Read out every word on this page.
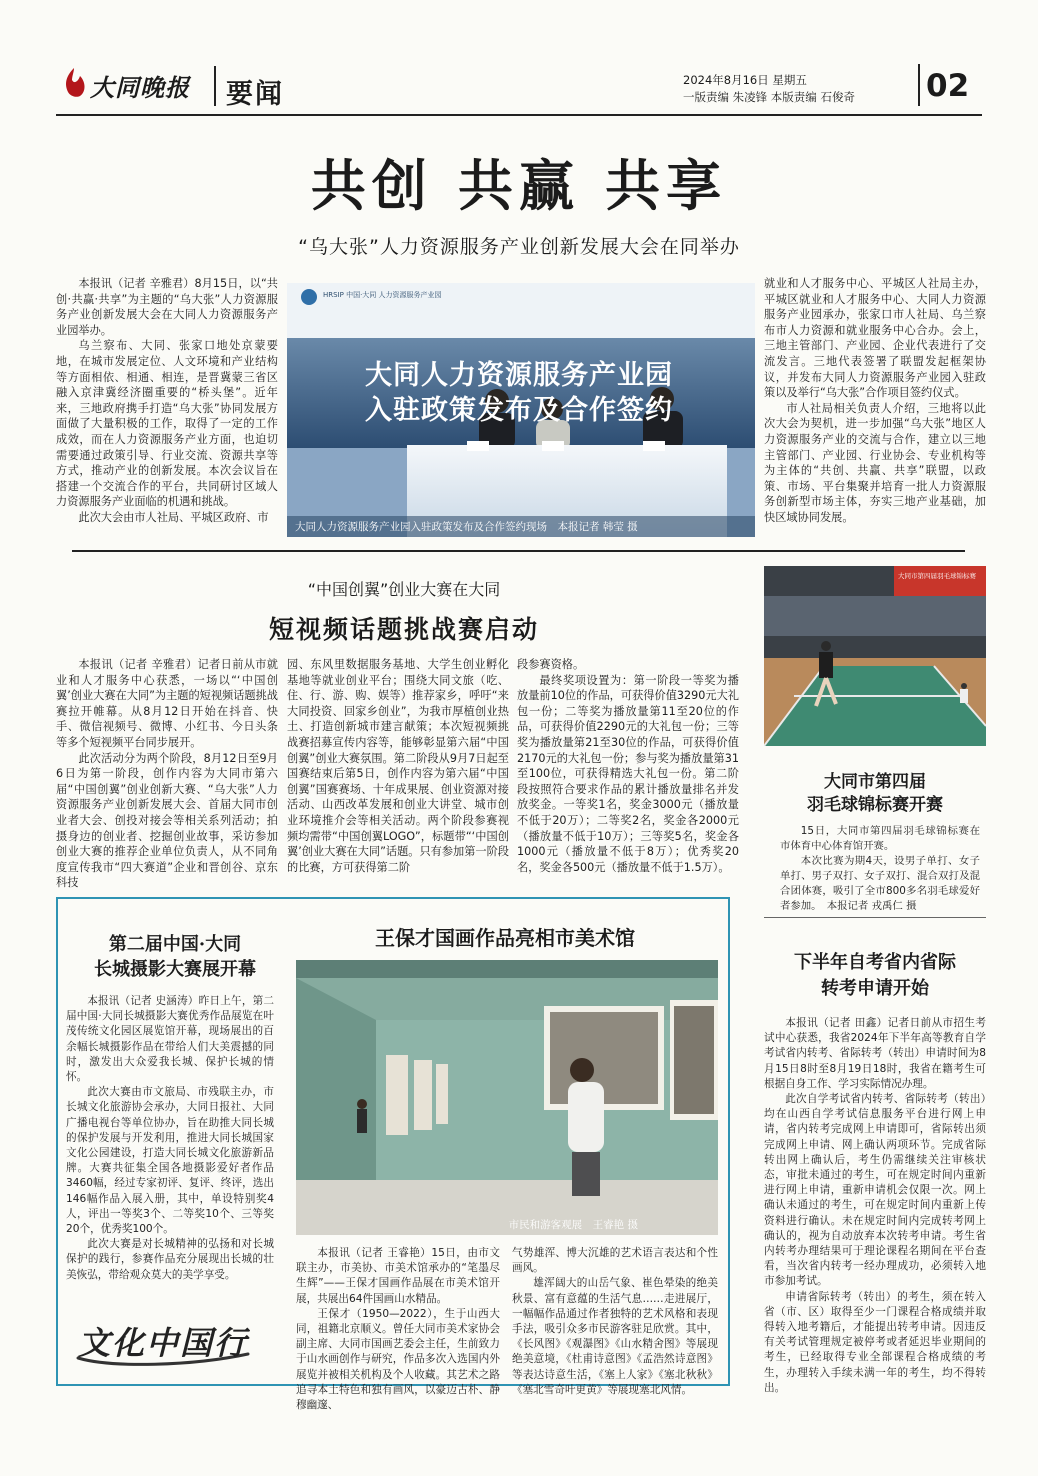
大同晚报 要闻	2024年8月16日 星期五
一版责编 朱凌锋 本版责编 石俊奇 02
共创 共赢 共享
“乌大张”人力资源服务产业创新发展大会在同举办

本报讯（记者 辛雅君）8月15日，以“共创·共赢·共享”为主题的“乌大张”人力资源服务产业创新发展大会在大同人力资源服务产业园举办。

乌兰察布、大同、张家口地处京蒙要地，在城市发展定位、人文环境和产业结构等方面相依、相通、相连，是晋冀蒙三省区融入京津冀经济圈重要的“桥头堡”。近年来，三地政府携手打造“乌大张”协同发展方面做了大量积极的工作，取得了一定的工作成效，而在人力资源服务产业方面，也迫切需要通过政策引导、行业交流、资源共享等方式，推动产业的创新发展。本次会议旨在搭建一个交流合作的平台，共同研讨区域人力资源服务产业面临的机遇和挑战。

此次大会由市人社局、平城区政府、市

HRSIP 中国·大同 人力资源服务产业园
大同人力资源服务产业园
入驻政策发布及合作签约
大同人力资源服务产业园入驻政策发布及合作签约现场　本报记者 韩莹 摄

就业和人才服务中心、平城区人社局主办，平城区就业和人才服务中心、大同人力资源服务产业园承办，张家口市人社局、乌兰察布市人力资源和就业服务中心合办。会上，三地主管部门、产业园、企业代表进行了交流发言。三地代表签署了联盟发起框架协议，并发布大同人力资源服务产业园入驻政策以及举行“乌大张”合作项目签约仪式。

市人社局相关负责人介绍，三地将以此次大会为契机，进一步加强“乌大张”地区人力资源服务产业的交流与合作，建立以三地主管部门、产业园、行业协会、专业机构等为主体的“共创、共赢、共享”联盟，以政策、市场、平台集聚并培育一批人力资源服务创新型市场主体，夯实三地产业基础，加快区域协同发展。

“中国创翼”创业大赛在大同
短视频话题挑战赛启动

本报讯（记者 辛雅君）记者日前从市就业和人才服务中心获悉，一场以“‘中国创翼’创业大赛在大同”为主题的短视频话题挑战赛拉开帷幕。从8月12日开始在抖音、快手、微信视频号、微博、小红书、今日头条等多个短视频平台同步展开。

此次活动分为两个阶段，8月12日至9月6日为第一阶段，创作内容为大同市第六届“中国创翼”创业创新大赛、“乌大张”人力资源服务产业创新发展大会、首届大同市创业者大会、创投对接会等相关系列活动；拍摄身边的创业者、挖掘创业故事，采访参加创业大赛的推荐企业单位负责人，从不同角度宣传我市“四大赛道”企业和晋创谷、京东科技

园、东风里数据服务基地、大学生创业孵化基地等就业创业平台；围绕大同文旅（吃、住、行、游、购、娱等）推荐家乡，呼吁“来大同投资、回家乡创业”，为我市厚植创业热土、打造创新城市建言献策；本次短视频挑战赛招募宣传内容等，能够彰显第六届“中国创翼”创业大赛氛围。第二阶段从9月7日起至国赛结束后第5日，创作内容为第六届“中国创翼”国赛赛场、十年成果展、创业资源对接活动、山西改革发展和创业大讲堂、城市创业环境推介会等相关活动。两个阶段参赛视频均需带“中国创翼LOGO”，标题带“‘中国创翼’创业大赛在大同”话题。只有参加第一阶段的比赛，方可获得第二阶

段参赛资格。

最终奖项设置为：第一阶段一等奖为播放量前10位的作品，可获得价值3290元大礼包一份；二等奖为播放量第11至20位的作品，可获得价值2290元的大礼包一份；三等奖为播放量第21至30位的作品，可获得价值2170元的大礼包一份；参与奖为播放量第31至100位，可获得精选大礼包一份。第二阶段按照符合要求作品的累计播放量排名并发放奖金。一等奖1名，奖金3000元（播放量不低于20万）；二等奖2名，奖金各2000元（播放量不低于10万）；三等奖5名，奖金各1000元（播放量不低于8万）；优秀奖20名，奖金各500元（播放量不低于1.5万）。

大同市第四届羽毛球锦标赛
大同市第四届
羽毛球锦标赛开赛

15日，大同市第四届羽毛球锦标赛在市体育中心体育馆开赛。

本次比赛为期4天，设男子单打、女子单打、男子双打、女子双打、混合双打及混合团体赛，吸引了全市800多名羽毛球爱好者参加。　本报记者 戎禹仁 摄

第二届中国·大同
长城摄影大赛展开幕

本报讯（记者 史涵涛）昨日上午，第二届中国·大同长城摄影大赛优秀作品展览在叶茂传统文化园区展览馆开幕，现场展出的百余幅长城摄影作品在带给人们大美震撼的同时，激发出大众爱我长城、保护长城的情怀。

此次大赛由市文旅局、市残联主办，市长城文化旅游协会承办，大同日报社、大同广播电视台等单位协办，旨在助推大同长城的保护发展与开发利用，推进大同长城国家文化公园建设，打造大同长城文化旅游新品牌。大赛共征集全国各地摄影爱好者作品3460幅，经过专家初评、复评、终评，选出146幅作品入展入册，其中，单设特别奖4人，评出一等奖3个、二等奖10个、三等奖20个，优秀奖100个。

此次大赛是对长城精神的弘扬和对长城保护的践行，参赛作品充分展现出长城的壮美恢弘，带给观众莫大的美学享受。

文化中国行
王保才国画作品亮相市美术馆
市民和游客观展　王睿艳 摄

本报讯（记者 王睿艳）15日，由市文联主办，市美协、市美术馆承办的“笔墨尽生辉”——王保才国画作品展在市美术馆开展，共展出64件国画山水精品。

王保才（1950—2022），生于山西大同，祖籍北京顺义。曾任大同市美术家协会副主席、大同市国画艺委会主任，生前致力于山水画创作与研究，作品多次入选国内外展览并被相关机构及个人收藏。其艺术之路追寻本土特色和独有画风，以豪迈古朴、静穆幽邃、

气势雄浑、博大沉雄的艺术语言表达和个性画风。

雄浑阔大的山岳气象、崔色晕染的绝美秋景、富有意蕴的生活气息……走进展厅，一幅幅作品通过作者独特的艺术风格和表现手法，吸引众多市民游客驻足欣赏。其中，《长风图》《观瀑图》《山水精舍图》等展现绝美意境，《杜甫诗意图》《孟浩然诗意图》等表达诗意生活，《塞上人家》《塞北秋秋》《塞北雪奇叶更黄》等展现塞北风情。

下半年自考省内省际
转考申请开始

本报讯（记者 田鑫）记者日前从市招生考试中心获悉，我省2024年下半年高等教育自学考试省内转考、省际转考（转出）申请时间为8月15日8时至8月19日18时，我省在籍考生可根据自身工作、学习实际情况办理。

此次自学考试省内转考、省际转考（转出）均在山西自学考试信息服务平台进行网上申请，省内转考完成网上申请即可，省际转出须完成网上申请、网上确认两项环节。完成省际转出网上确认后，考生仍需继续关注审核状态，审批未通过的考生，可在规定时间内重新进行网上申请，重新申请机会仅限一次。网上确认未通过的考生，可在规定时间内重新上传资料进行确认。未在规定时间内完成转考网上确认的，视为自动放弃本次转考申请。考生省内转考办理结果可于理论课程名期间在平台查看，当次省内转考一经办理成功，必须转入地市参加考试。

申请省际转考（转出）的考生，须在转入省（市、区）取得至少一门课程合格成绩并取得转入地考籍后，才能提出转考申请。因违反有关考试管理规定被停考或者延迟毕业期间的考生，已经取得专业全部课程合格成绩的考生，办理转入手续未满一年的考生，均不得转出。
